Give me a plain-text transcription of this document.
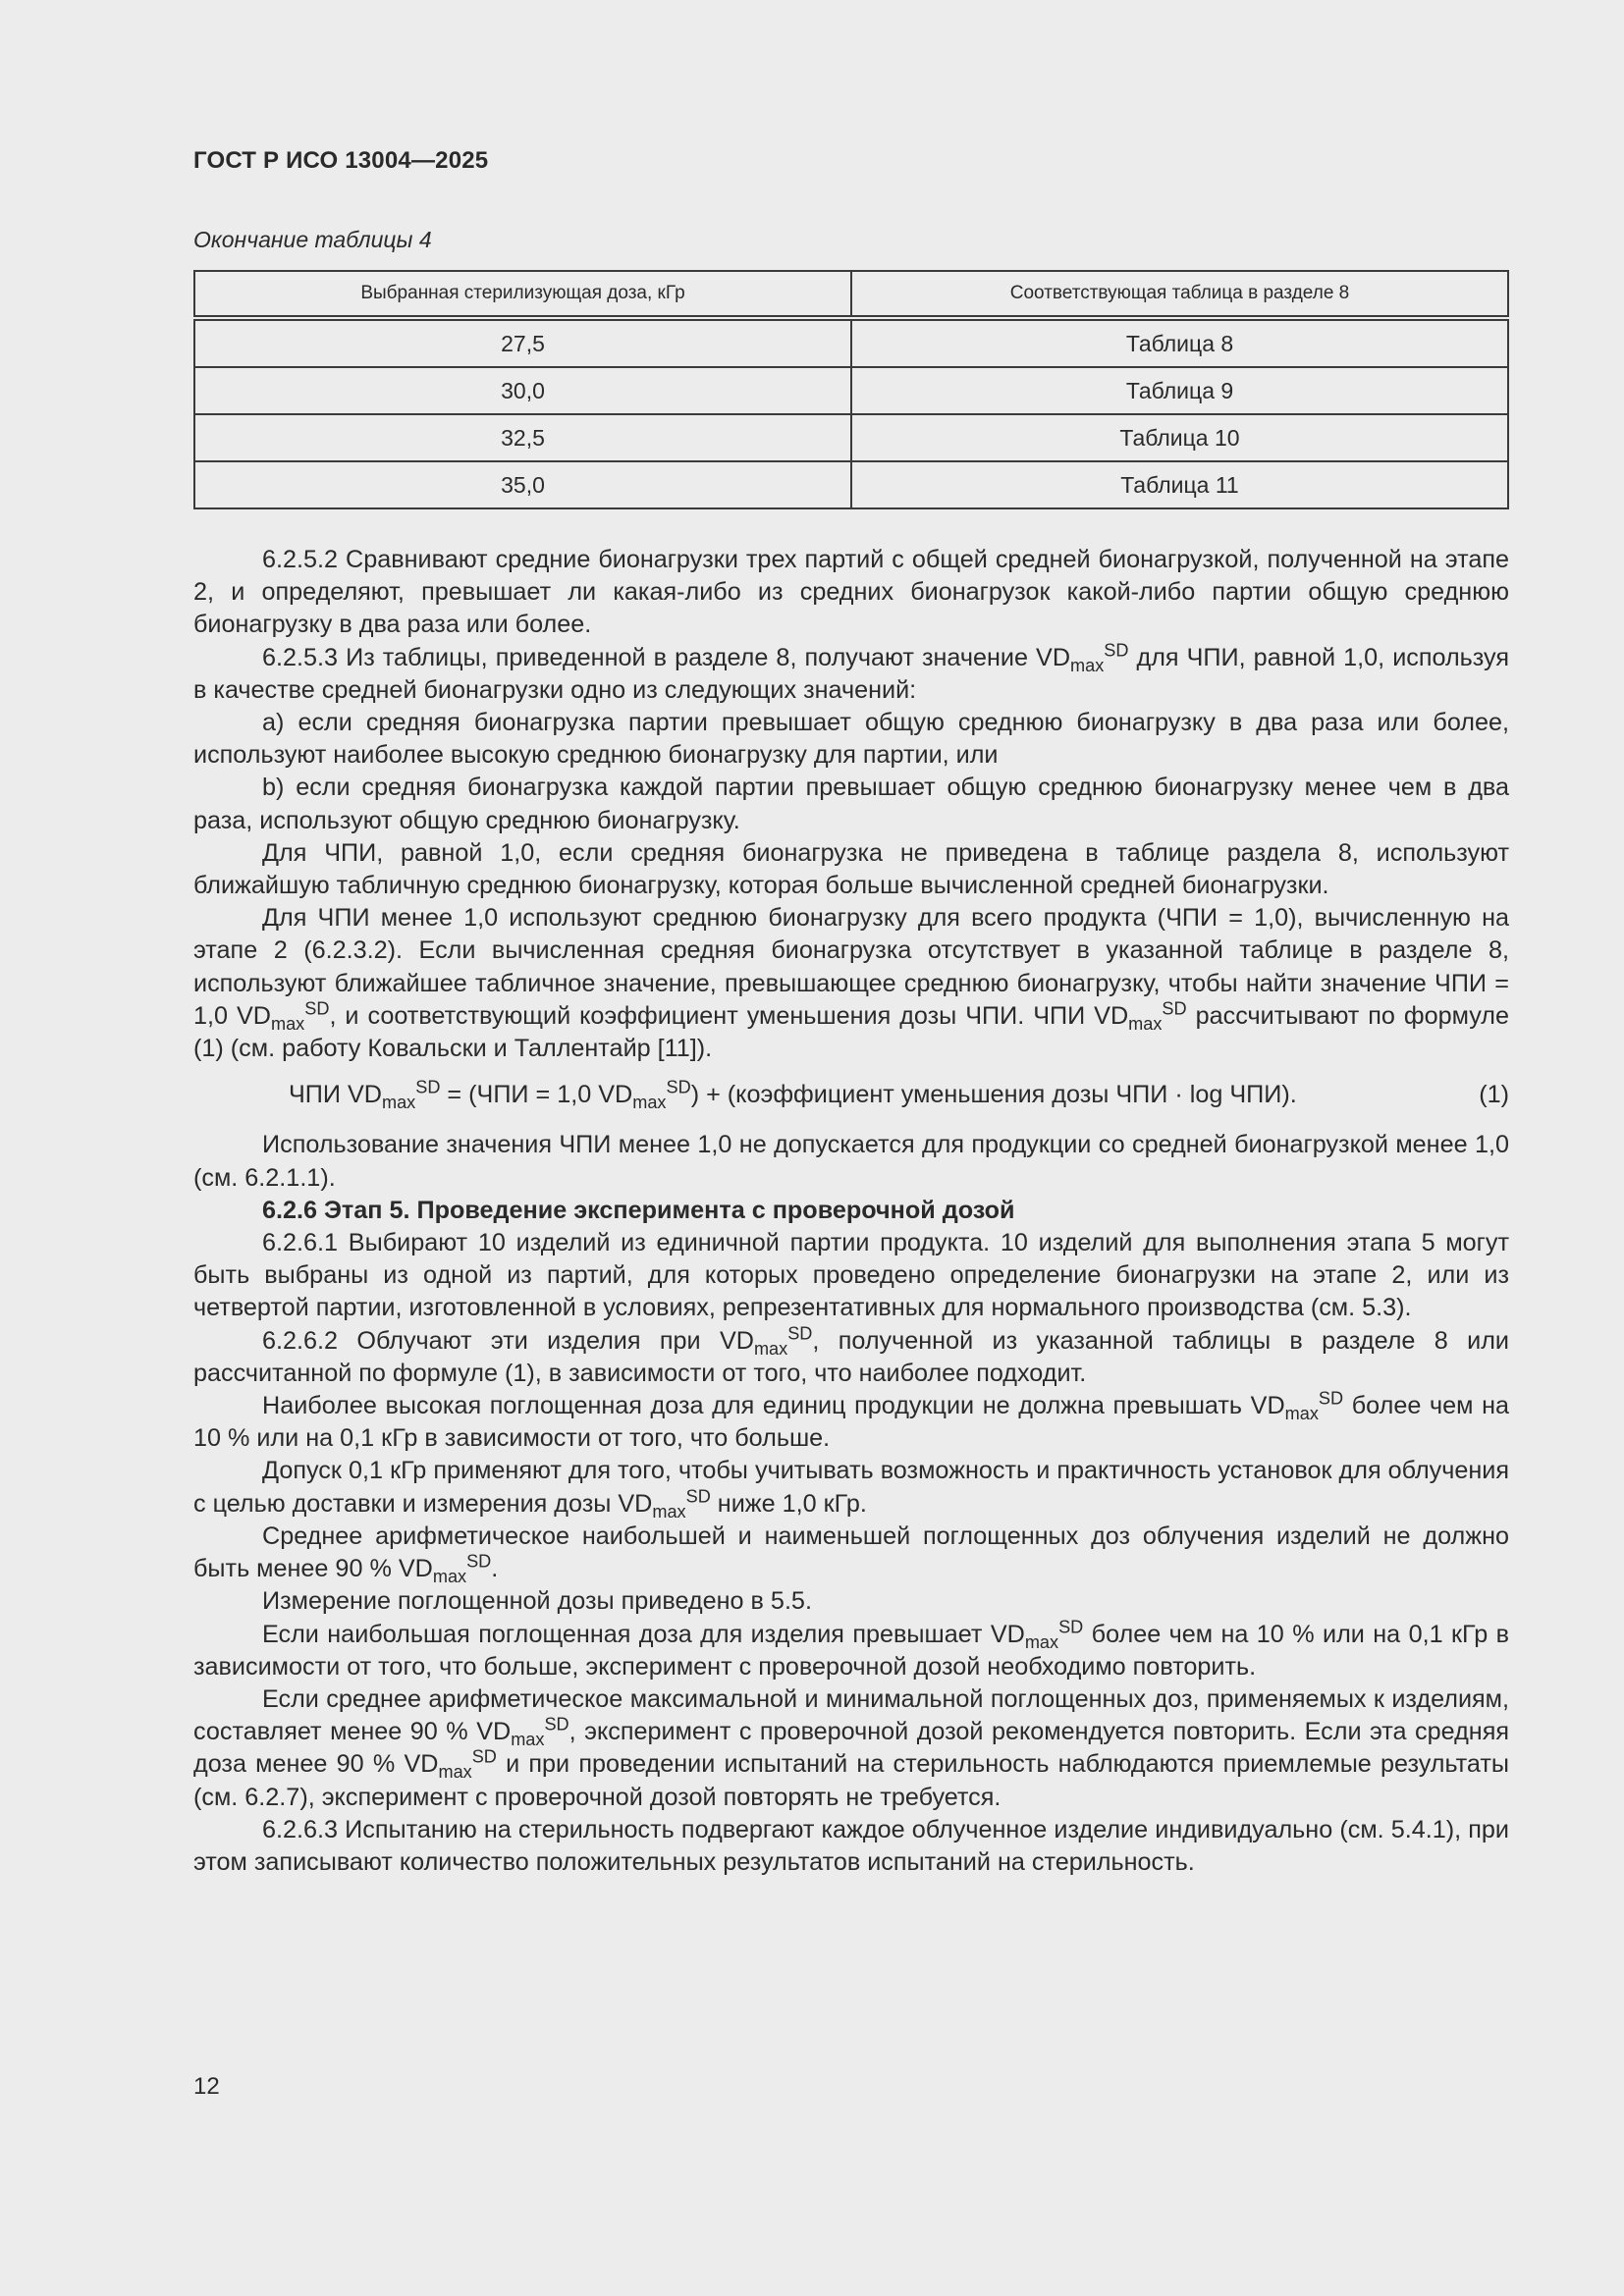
ГОСТ Р ИСО 13004—2025
Окончание таблицы 4
Выбранная стерилизующая доза, кГр	Соответствующая таблица в разделе 8
27,5	Таблица 8
30,0	Таблица 9
32,5	Таблица 10
35,0	Таблица 11

6.2.5.2 Сравнивают средние бионагрузки трех партий с общей средней бионагрузкой, полученной на этапе 2, и определяют, превышает ли какая-либо из средних бионагрузок какой-либо партии общую среднюю бионагрузку в два раза или более.

6.2.5.3 Из таблицы, приведенной в разделе 8, получают значение $VD_{max}^{SD}$ для ЧПИ, равной 1,0, используя в качестве средней бионагрузки одно из следующих значений:

a) если средняя бионагрузка партии превышает общую среднюю бионагрузку в два раза или более, используют наиболее высокую среднюю бионагрузку для партии, или

b) если средняя бионагрузка каждой партии превышает общую среднюю бионагрузку менее чем в два раза, используют общую среднюю бионагрузку.

Для ЧПИ, равной 1,0, если средняя бионагрузка не приведена в таблице раздела 8, используют ближайшую табличную среднюю бионагрузку, которая больше вычисленной средней бионагрузки.

Для ЧПИ менее 1,0 используют среднюю бионагрузку для всего продукта (ЧПИ = 1,0), вычисленную на этапе 2 (6.2.3.2). Если вычисленная средняя бионагрузка отсутствует в указанной таблице в разделе 8, используют ближайшее табличное значение, превышающее среднюю бионагрузку, чтобы найти значение ЧПИ = 1,0 $VD_{max}^{SD}$, и соответствующий коэффициент уменьшения дозы ЧПИ. ЧПИ $VD_{max}^{SD}$ рассчитывают по формуле (1) (см. работу Ковальски и Таллентайр [11]).

ЧПИ $VD_{max}^{SD} = (ЧПИ = 1,0$ $VD_{max}^{SD}$) + (коэффициент уменьшения дозы ЧПИ · log ЧПИ).	(1)

Использование значения ЧПИ менее 1,0 не допускается для продукции со средней бионагрузкой менее 1,0 (см. 6.2.1.1).

6.2.6 Этап 5. Проведение эксперимента с проверочной дозой

6.2.6.1 Выбирают 10 изделий из единичной партии продукта. 10 изделий для выполнения этапа 5 могут быть выбраны из одной из партий, для которых проведено определение бионагрузки на этапе 2, или из четвертой партии, изготовленной в условиях, репрезентативных для нормального производства (см. 5.3).

6.2.6.2 Облучают эти изделия при $VD_{max}^{SD}$, полученной из указанной таблицы в разделе 8 или рассчитанной по формуле (1), в зависимости от того, что наиболее подходит.

Наиболее высокая поглощенная доза для единиц продукции не должна превышать $VD_{max}^{SD}$ более чем на 10 % или на 0,1 кГр в зависимости от того, что больше.

Допуск 0,1 кГр применяют для того, чтобы учитывать возможность и практичность установок для облучения с целью доставки и измерения дозы $VD_{max}^{SD}$ ниже 1,0 кГр.

Среднее арифметическое наибольшей и наименьшей поглощенных доз облучения изделий не должно быть менее 90 % $VD_{max}^{SD}$.

Измерение поглощенной дозы приведено в 5.5.

Если наибольшая поглощенная доза для изделия превышает $VD_{max}^{SD}$ более чем на 10 % или на 0,1 кГр в зависимости от того, что больше, эксперимент с проверочной дозой необходимо повторить.

Если среднее арифметическое максимальной и минимальной поглощенных доз, применяемых к изделиям, составляет менее 90 % $VD_{max}^{SD}$, эксперимент с проверочной дозой рекомендуется повторить. Если эта средняя доза менее 90 % $VD_{max}^{SD}$ и при проведении испытаний на стерильность наблюдаются приемлемые результаты (см. 6.2.7), эксперимент с проверочной дозой повторять не требуется.

6.2.6.3 Испытанию на стерильность подвергают каждое облученное изделие индивидуально (см. 5.4.1), при этом записывают количество положительных результатов испытаний на стерильность.

12
